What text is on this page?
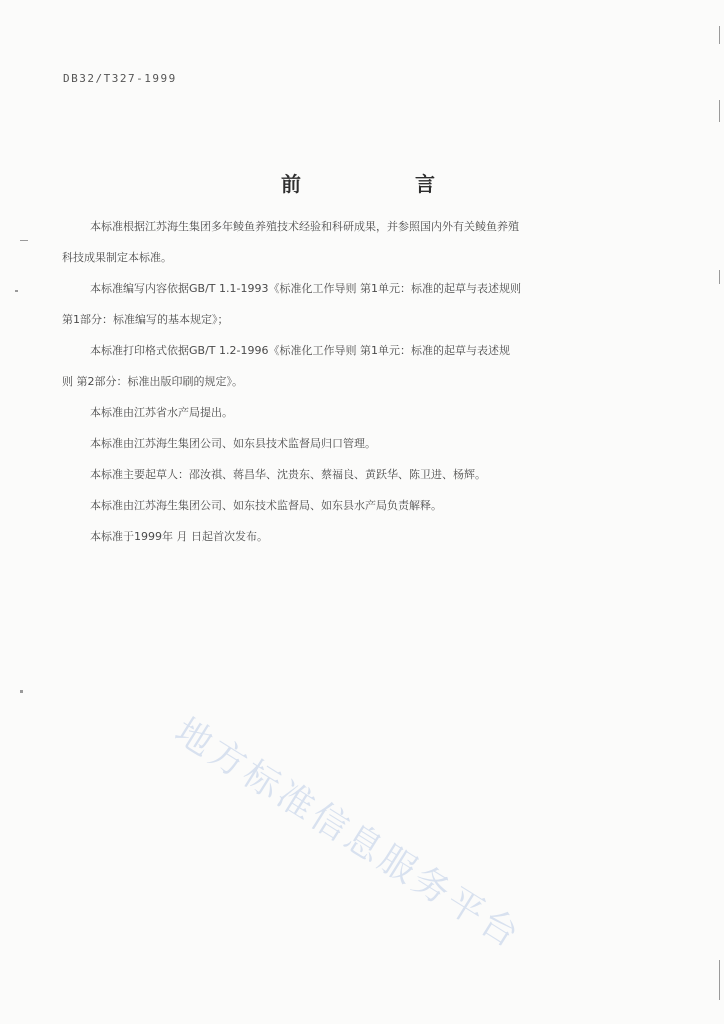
DB32/T327-1999
前	言

本标准根据江苏海生集团多年鲮鱼养殖技术经验和科研成果，并参照国内外有关鲮鱼养殖

科技成果制定本标准。

本标准编写内容依据GB/T 1.1-1993《标准化工作导则 第1单元：标准的起草与表述规则

第1部分：标准编写的基本规定》；

本标准打印格式依据GB/T 1.2-1996《标准化工作导则 第1单元：标准的起草与表述规

则 第2部分：标准出版印刷的规定》。

本标准由江苏省水产局提出。

本标准由江苏海生集团公司、如东县技术监督局归口管理。

本标准主要起草人：邵汝祺、蒋昌华、沈贵东、蔡福良、黄跃华、陈卫进、杨辉。

本标准由江苏海生集团公司、如东技术监督局、如东县水产局负责解释。

本标准于1999年 月 日起首次发布。

地方标准信息服务平台
